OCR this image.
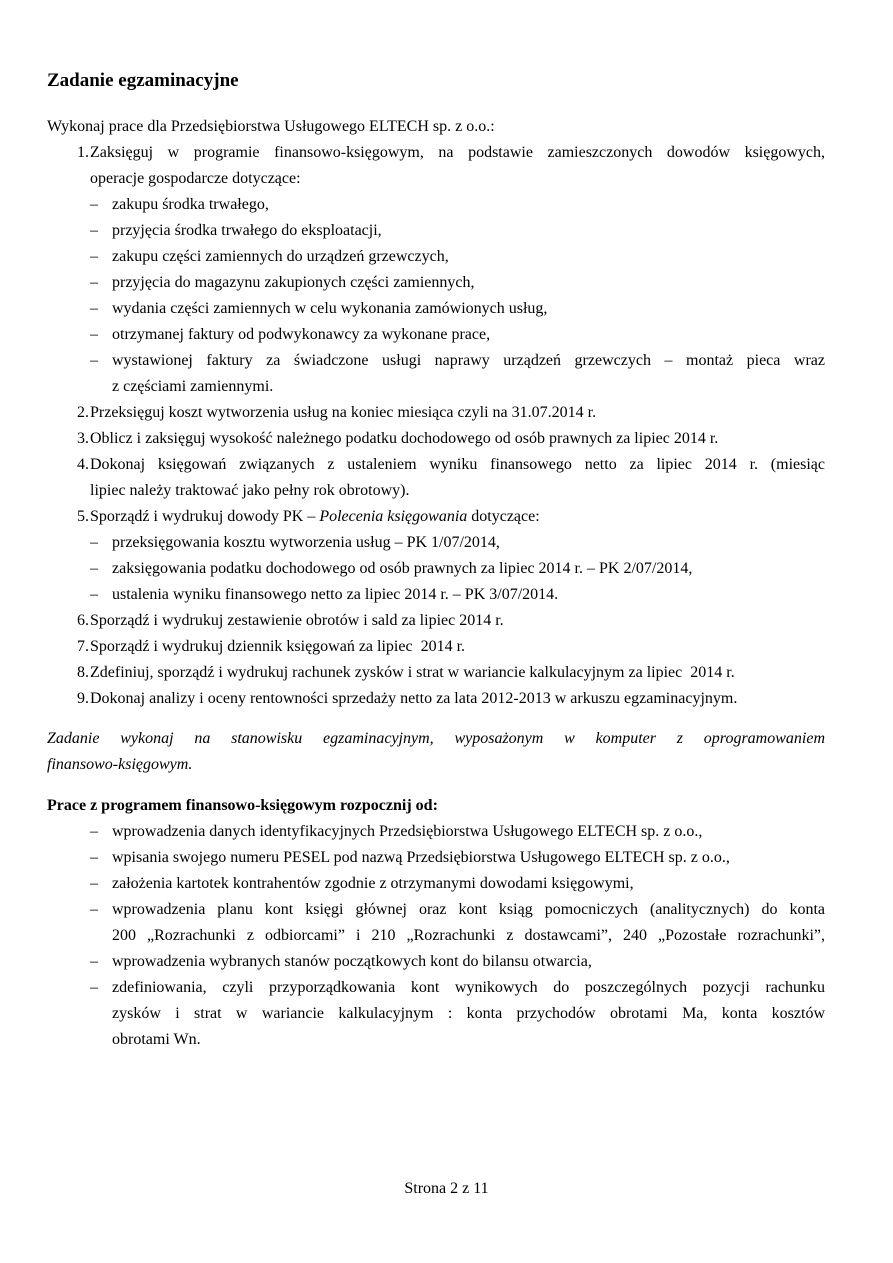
Zadanie egzaminacyjne
Wykonaj prace dla Przedsiębiorstwa Usługowego ELTECH sp. z o.o.:
1. Zaksięguj w programie finansowo-księgowym, na podstawie zamieszczonych dowodów księgowych,
operacje gospodarcze dotyczące:
– zakupu środka trwałego,
– przyjęcia środka trwałego do eksploatacji,
– zakupu części zamiennych do urządzeń grzewczych,
– przyjęcia do magazynu zakupionych części zamiennych,
– wydania części zamiennych w celu wykonania zamówionych usług,
– otrzymanej faktury od podwykonawcy za wykonane prace,
– wystawionej faktury za świadczone usługi naprawy urządzeń grzewczych – montaż pieca wraz
z częściami zamiennymi.
2. Przeksięguj koszt wytworzenia usług na koniec miesiąca czyli na 31.07.2014 r.
3. Oblicz i zaksięguj wysokość należnego podatku dochodowego od osób prawnych za lipiec 2014 r.
4. Dokonaj księgowań związanych z ustaleniem wyniku finansowego netto za lipiec 2014 r. (miesiąc
lipiec należy traktować jako pełny rok obrotowy).
5. Sporządź i wydrukuj dowody PK – Polecenia księgowania dotyczące:
– przeksięgowania kosztu wytworzenia usług – PK 1/07/2014,
– zaksięgowania podatku dochodowego od osób prawnych za lipiec 2014 r. – PK 2/07/2014,
– ustalenia wyniku finansowego netto za lipiec 2014 r. – PK 3/07/2014.
6. Sporządź i wydrukuj zestawienie obrotów i sald za lipiec 2014 r.
7. Sporządź i wydrukuj dziennik księgowań za lipiec  2014 r.
8. Zdefiniuj, sporządź i wydrukuj rachunek zysków i strat w wariancie kalkulacyjnym za lipiec  2014 r.
9. Dokonaj analizy i oceny rentowności sprzedaży netto za lata 2012-2013 w arkuszu egzaminacyjnym.
Zadanie wykonaj na stanowisku egzaminacyjnym, wyposażonym w komputer z oprogramowaniem
finansowo-księgowym.
Prace z programem finansowo-księgowym rozpocznij od:
– wprowadzenia danych identyfikacyjnych Przedsiębiorstwa Usługowego ELTECH sp. z o.o.,
– wpisania swojego numeru PESEL pod nazwą Przedsiębiorstwa Usługowego ELTECH sp. z o.o.,
– założenia kartotek kontrahentów zgodnie z otrzymanymi dowodami księgowymi,
– wprowadzenia planu kont księgi głównej oraz kont ksiąg pomocniczych (analitycznych) do konta
200 „Rozrachunki z odbiorcami” i 210 „Rozrachunki z dostawcami”, 240 „Pozostałe rozrachunki”,
– wprowadzenia wybranych stanów początkowych kont do bilansu otwarcia,
– zdefiniowania, czyli przyporządkowania kont wynikowych do poszczególnych pozycji rachunku
zysków i strat w wariancie kalkulacyjnym : konta przychodów obrotami Ma, konta kosztów
obrotami Wn.
Strona 2 z 11
